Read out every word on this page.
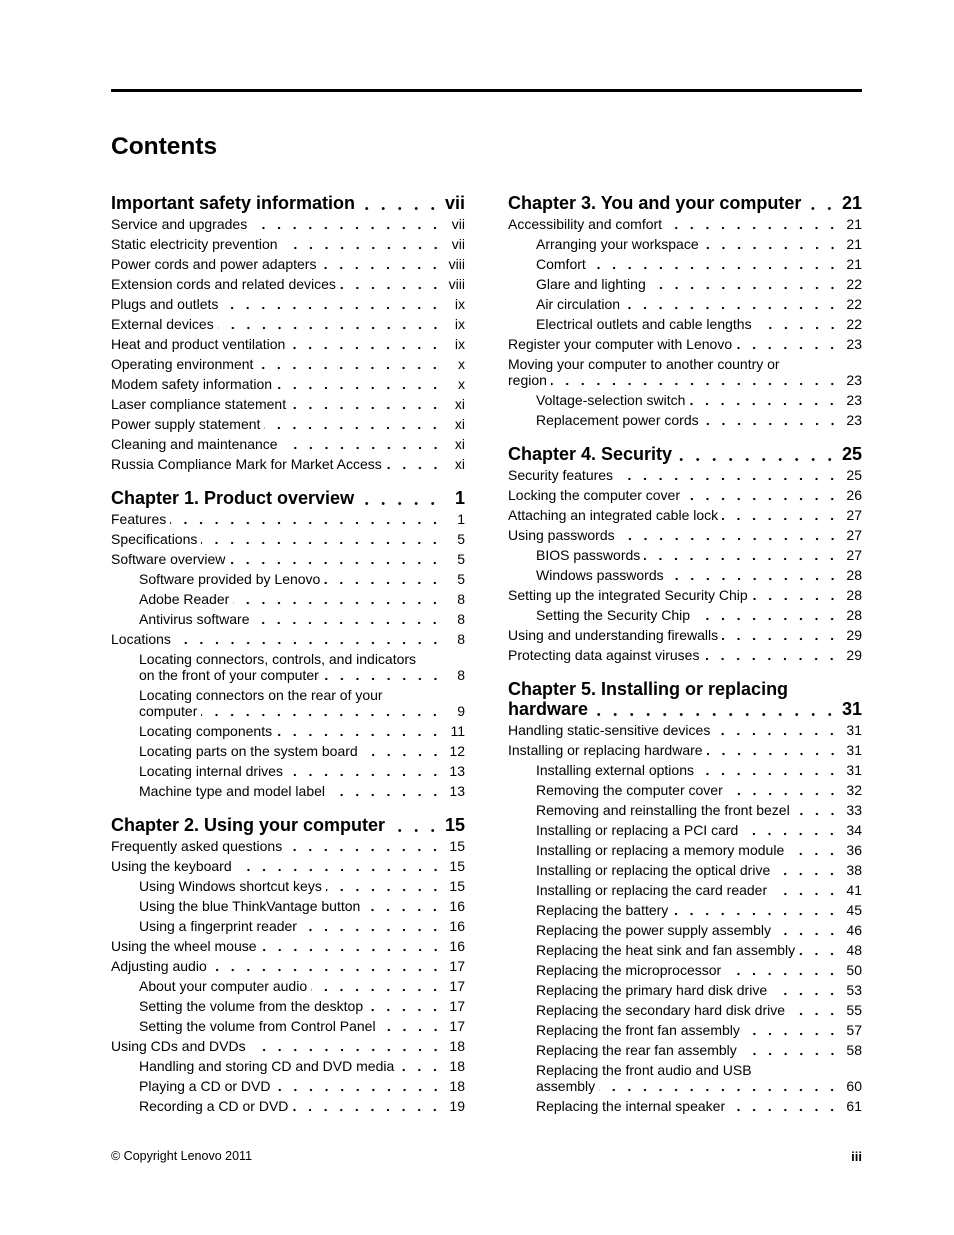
Contents
Important safety information	vii
Service and upgrades	vii
Static electricity prevention	vii
Power cords and power adapters	viii
Extension cords and related devices	viii
Plugs and outlets	ix
External devices	ix
Heat and product ventilation	ix
Operating environment	x
Modem safety information	x
Laser compliance statement	xi
Power supply statement	xi
Cleaning and maintenance	xi
Russia Compliance Mark for Market Access	xi
Chapter 1. Product overview	1
Features	1
Specifications	5
Software overview	5
Software provided by Lenovo	5
Adobe Reader	8
Antivirus software	8
Locations	8
Locating connectors, controls, and indicators
on the front of your computer	8
Locating connectors on the rear of your
computer	9
Locating components	11
Locating parts on the system board	12
Locating internal drives	13
Machine type and model label	13
Chapter 2. Using your computer	15
Frequently asked questions	15
Using the keyboard	15
Using Windows shortcut keys	15
Using the blue ThinkVantage button	16
Using a fingerprint reader	16
Using the wheel mouse	16
Adjusting audio	17
About your computer audio	17
Setting the volume from the desktop	17
Setting the volume from Control Panel	17
Using CDs and DVDs	18
Handling and storing CD and DVD media	18
Playing a CD or DVD	18
Recording a CD or DVD	19
Chapter 3. You and your computer 21
Accessibility and comfort	21
Arranging your workspace	21
Comfort	21
Glare and lighting	22
Air circulation	22
Electrical outlets and cable lengths	22
Register your computer with Lenovo	23
Moving your computer to another country or
region	23
Voltage-selection switch	23
Replacement power cords	23
Chapter 4. Security	25
Security features	25
Locking the computer cover	26
Attaching an integrated cable lock	27
Using passwords	27
BIOS passwords	27
Windows passwords	28
Setting up the integrated Security Chip	28
Setting the Security Chip	28
Using and understanding firewalls	29
Protecting data against viruses	29
Chapter 5. Installing or replacing
hardware	31
Handling static-sensitive devices	31
Installing or replacing hardware	31
Installing external options	31
Removing the computer cover	32
Removing and reinstalling the front bezel	33
Installing or replacing a PCI card	34
Installing or replacing a memory module	36
Installing or replacing the optical drive	38
Installing or replacing the card reader	41
Replacing the battery	45
Replacing the power supply assembly	46
Replacing the heat sink and fan assembly	48
Replacing the microprocessor	50
Replacing the primary hard disk drive	53
Replacing the secondary hard disk drive	55
Replacing the front fan assembly	57
Replacing the rear fan assembly	58
Replacing the front audio and USB
assembly	60
Replacing the internal speaker	61
© Copyright Lenovo 2011	iii
